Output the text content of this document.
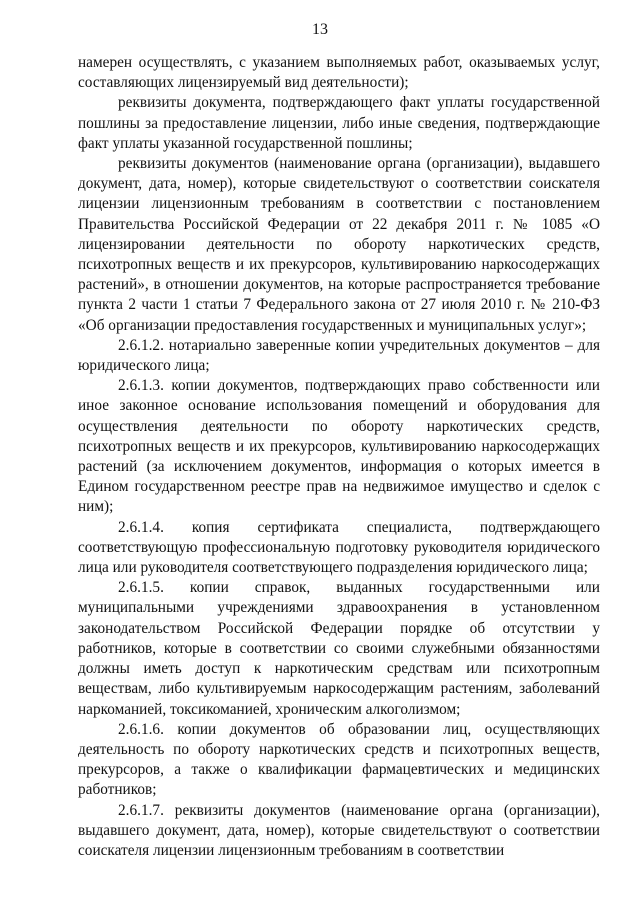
13

намерен осуществлять, с указанием выполняемых работ, оказываемых услуг, составляющих лицензируемый вид деятельности);

реквизиты документа, подтверждающего факт уплаты государственной пошлины за предоставление лицензии, либо иные сведения, подтверждающие факт уплаты указанной государственной пошлины;

реквизиты документов (наименование органа (организации), выдавшего документ, дата, номер), которые свидетельствуют о соответствии соискателя лицензии лицензионным требованиям в соответствии с постановлением Правительства Российской Федерации от 22 декабря 2011 г. № 1085 «О лицензировании деятельности по обороту наркотических средств, психотропных веществ и их прекурсоров, культивированию наркосодержащих растений», в отношении документов, на которые распространяется требование пункта 2 части 1 статьи 7 Федерального закона от 27 июля 2010 г. № 210-ФЗ «Об организации предоставления государственных и муниципальных услуг»;

2.6.1.2. нотариально заверенные копии учредительных документов – для юридического лица;

2.6.1.3. копии документов, подтверждающих право собственности или иное законное основание использования помещений и оборудования для осуществления деятельности по обороту наркотических средств, психотропных веществ и их прекурсоров, культивированию наркосодержащих растений (за исключением документов, информация о которых имеется в Едином государственном реестре прав на недвижимое имущество и сделок с ним);

2.6.1.4. копия сертификата специалиста, подтверждающего соответствующую профессиональную подготовку руководителя юридического лица или руководителя соответствующего подразделения юридического лица;

2.6.1.5. копии справок, выданных государственными или муниципальными учреждениями здравоохранения в установленном законодательством Российской Федерации порядке об отсутствии у работников, которые в соответствии со своими служебными обязанностями должны иметь доступ к наркотическим средствам или психотропным веществам, либо культивируемым наркосодержащим растениям, заболеваний наркоманией, токсикоманией, хроническим алкоголизмом;

2.6.1.6. копии документов об образовании лиц, осуществляющих деятельность по обороту наркотических средств и психотропных веществ, прекурсоров, а также о квалификации фармацевтических и медицинских работников;

2.6.1.7. реквизиты документов (наименование органа (организации), выдавшего документ, дата, номер), которые свидетельствуют о соответствии соискателя лицензии лицензионным требованиям в соответствии
